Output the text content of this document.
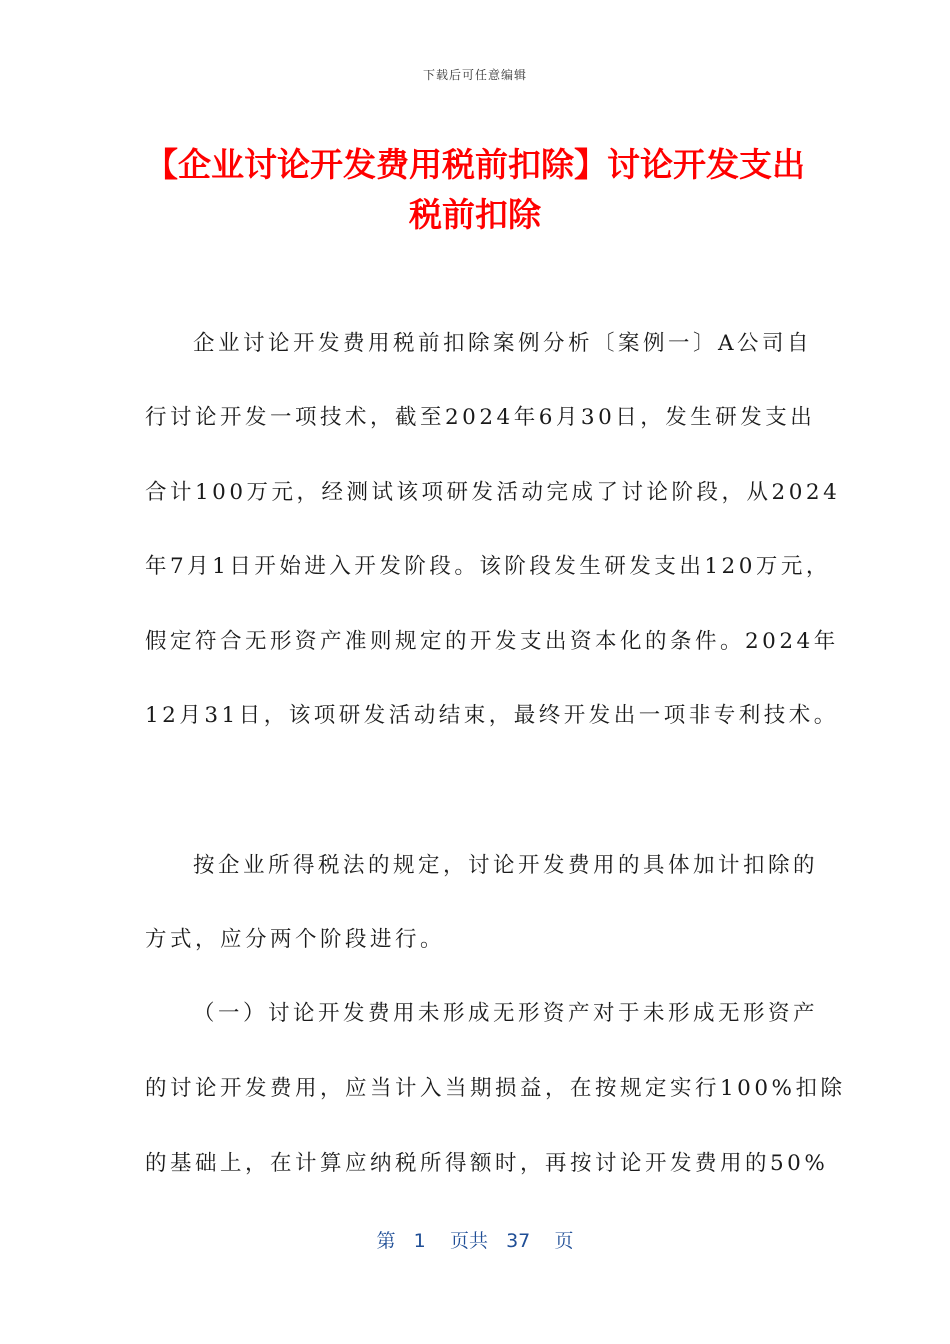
下载后可任意编辑
【企业讨论开发费用税前扣除】讨论开发支出税前扣除
企业讨论开发费用税前扣除案例分析〔案例一〕A公司自
行讨论开发一项技术，截至2024年6月30日，发生研发支出
合计100万元，经测试该项研发活动完成了讨论阶段，从2024
年7月1日开始进入开发阶段。该阶段发生研发支出120万元，
假定符合无形资产准则规定的开发支出资本化的条件。2024年
12月31日，该项研发活动结束，最终开发出一项非专利技术。
按企业所得税法的规定，讨论开发费用的具体加计扣除的
方式，应分两个阶段进行。
（一）讨论开发费用未形成无形资产对于未形成无形资产
的讨论开发费用，应当计入当期损益，在按规定实行100%扣除
的基础上，在计算应纳税所得额时，再按讨论开发费用的50%
第 1 页共 37 页
